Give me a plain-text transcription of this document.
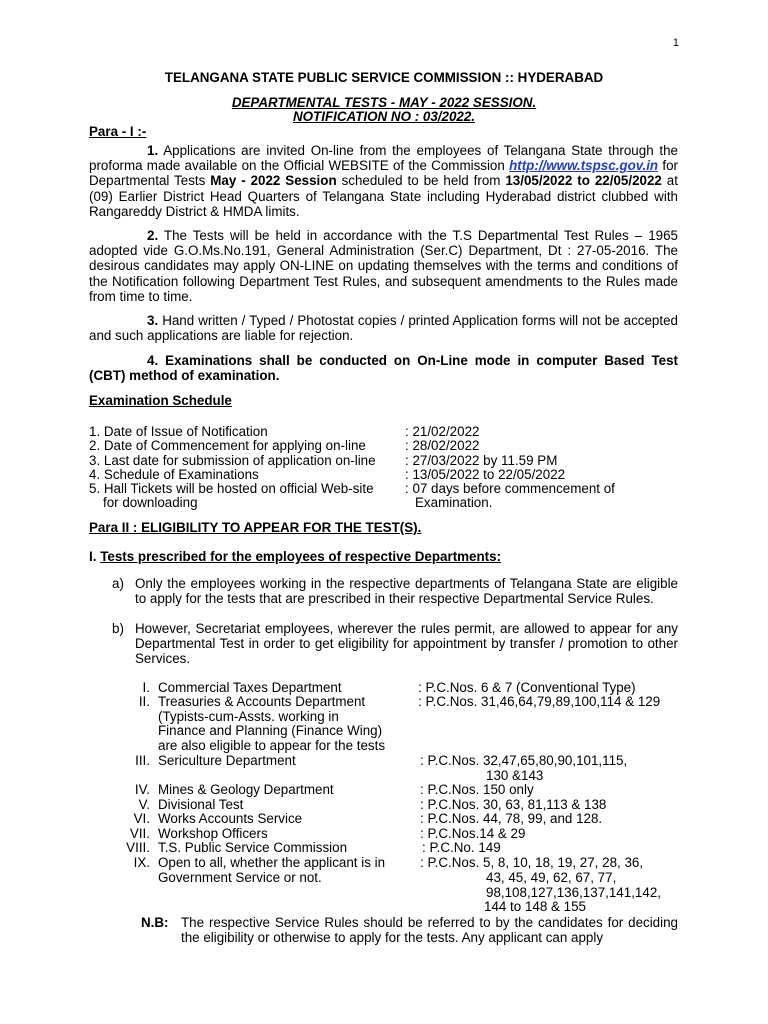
1
TELANGANA STATE PUBLIC SERVICE COMMISSION :: HYDERABAD
DEPARTMENTAL TESTS - MAY - 2022 SESSION.
NOTIFICATION NO : 03/2022.
Para - I :-
1. Applications are invited On-line from the employees of Telangana State through the proforma made available on the Official WEBSITE of the Commission http://www.tspsc.gov.in for Departmental Tests May - 2022 Session scheduled to be held from 13/05/2022 to 22/05/2022 at (09) Earlier District Head Quarters of Telangana State including Hyderabad district clubbed with Rangareddy District & HMDA limits.
2. The Tests will be held in accordance with the T.S Departmental Test Rules – 1965 adopted vide G.O.Ms.No.191, General Administration (Ser.C) Department, Dt : 27-05-2016. The desirous candidates may apply ON-LINE on updating themselves with the terms and conditions of the Notification following Department Test Rules, and subsequent amendments to the Rules made from time to time.
3. Hand written / Typed / Photostat copies / printed Application forms will not be accepted and such applications are liable for rejection.
4. Examinations shall be conducted on On-Line mode in computer Based Test (CBT) method of examination.
Examination Schedule
1. Date of Issue of Notification	: 21/02/2022
2. Date of Commencement for applying on-line	: 28/02/2022
3. Last date for submission of application on-line : 27/03/2022 by 11.59 PM
4. Schedule of Examinations	: 13/05/2022 to 22/05/2022
5. Hall Tickets will be hosted on official Web-site : 07 days before commencement of
for downloading	Examination.
Para II : ELIGIBILITY TO APPEAR FOR THE TEST(S).
I. Tests prescribed for the employees of respective Departments:
a) Only the employees working in the respective departments of Telangana State are eligible to apply for the tests that are prescribed in their respective Departmental Service Rules.
b) However, Secretariat employees, wherever the rules permit, are allowed to appear for any Departmental Test in order to get eligibility for appointment by transfer / promotion to other Services.
I. Commercial Taxes Department	: P.C.Nos. 6 & 7 (Conventional Type)
II. Treasuries & Accounts Department
(Typists-cum-Assts. working in
Finance and Planning (Finance Wing)
are also eligible to appear for the tests
: P.C.Nos. 31,46,64,79,89,100,114 & 129
III. Sericulture Department	: P.C.Nos. 32,47,65,80,90,101,115,
130 &143
IV. Mines & Geology Department	: P.C.Nos. 150 only
V. Divisional Test	: P.C.Nos. 30, 63, 81,113 & 138
VI. Works Accounts Service	: P.C.Nos. 44, 78, 99, and 128.
VII. Workshop Officers	: P.C.Nos.14 & 29
VIII. T.S. Public Service Commission	: P.C.No. 149
IX. Open to all, whether the applicant is in
Government Service or not.
: P.C.Nos. 5, 8, 10, 18, 19, 27, 28, 36,
43, 45, 49, 62, 67, 77,
98,108,127,136,137,141,142,
144 to 148 & 155
N.B: The respective Service Rules should be referred to by the candidates for deciding the eligibility or otherwise to apply for the tests. Any applicant can apply
